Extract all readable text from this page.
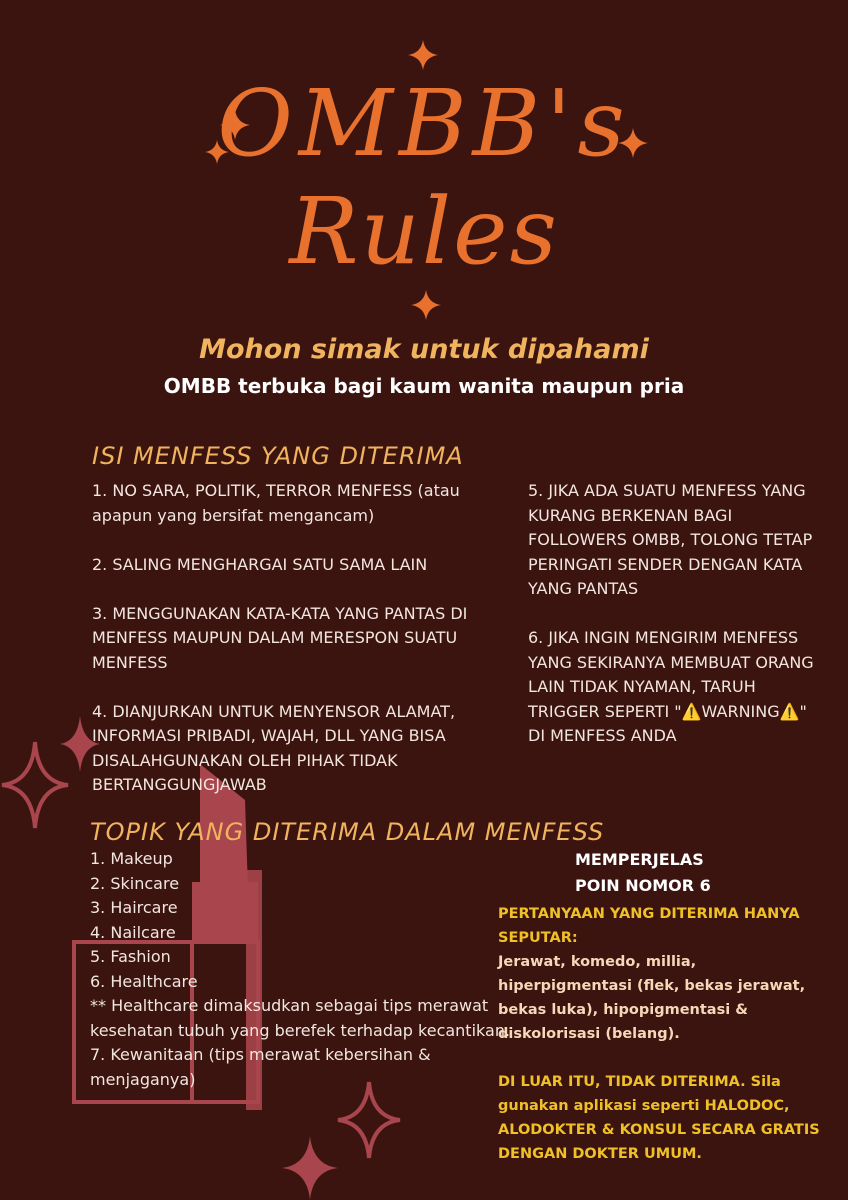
OMBB's
Rules
Mohon simak untuk dipahami
OMBB terbuka bagi kaum wanita maupun pria
ISI MENFESS YANG DITERIMA
1. NO SARA, POLITIK, TERROR MENFESS (atau apapun yang bersifat mengancam)
2. SALING MENGHARGAI SATU SAMA LAIN
3. MENGGUNAKAN KATA-KATA YANG PANTAS DI MENFESS MAUPUN DALAM MERESPON SUATU MENFESS
4. DIANJURKAN UNTUK MENYENSOR ALAMAT, INFORMASI PRIBADI, WAJAH, DLL YANG BISA DISALAHGUNAKAN OLEH PIHAK TIDAK BERTANGGUNGJAWAB
5. JIKA ADA SUATU MENFESS YANG KURANG BERKENAN BAGI FOLLOWERS OMBB, TOLONG TETAP PERINGATI SENDER DENGAN KATA YANG PANTAS
6. JIKA INGIN MENGIRIM MENFESS YANG SEKIRANYA MEMBUAT ORANG LAIN TIDAK NYAMAN, TARUH TRIGGER SEPERTI "⚠️WARNING⚠️" DI MENFESS ANDA
TOPIK YANG DITERIMA DALAM MENFESS
1. Makeup
2. Skincare
3. Haircare
4. Nailcare
5. Fashion
6. Healthcare
** Healthcare dimaksudkan sebagai tips merawat kesehatan tubuh yang berefek terhadap kecantikan.
7. Kewanitaan (tips merawat kebersihan & menjaganya)
MEMPERJELAS
POIN NOMOR 6
PERTANYAAN YANG DITERIMA HANYA SEPUTAR:
Jerawat, komedo, millia, hiperpigmentasi (flek, bekas jerawat, bekas luka), hipopigmentasi & diskolorisasi (belang).
DI LUAR ITU, TIDAK DITERIMA. Sila gunakan aplikasi seperti HALODOC, ALODOKTER & KONSUL SECARA GRATIS DENGAN DOKTER UMUM.
